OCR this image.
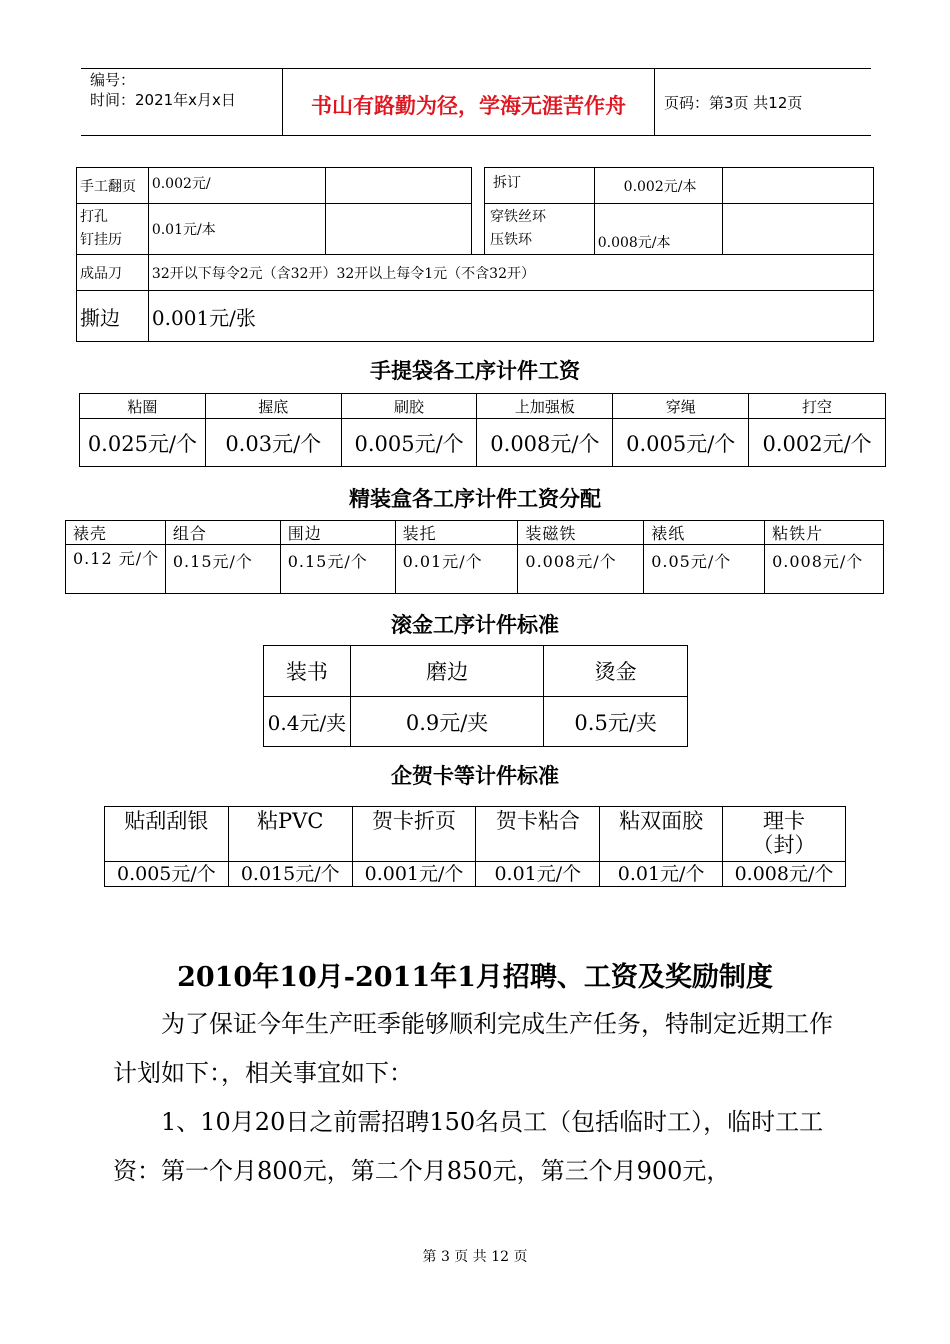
编号：
时间：2021年x月x日	书山有路勤为径，学海无涯苦作舟	页码：第3页 共12页
手工翻页	0.002元/	

打孔
钉挂历	0.01元/本	
拆订	0.002元/本	

穿铁丝环
压铁环	0.008元/本	
成品刀	32开以下每令2元（含32开）32开以上每令1元（不含32开）
撕边	0.001元/张
手提袋各工序计件工资
粘圈	握底	刷胶	上加强板	穿绳	打空
0.025元/个	0.03元/个	0.005元/个	0.008元/个	0.005元/个	0.002元/个
精装盒各工序计件工资分配
裱壳	组合	围边	装托	装磁铁	裱纸	粘铁片
0.12 元/个	0.15元/个	0.15元/个	0.01元/个	0.008元/个	0.05元/个	0.008元/个
滚金工序计件标准
装书	磨边	烫金
0.4元/夹	0.9元/夹	0.5元/夹
企贺卡等计件标准
贴刮刮银	粘PVC	贺卡折页	贺卡粘合	粘双面胶	理卡（封）
0.005元/个	0.015元/个	0.001元/个	0.01元/个	0.01元/个	0.008元/个
2010年10月-2011年1月招聘、工资及奖励制度
为了保证今年生产旺季能够顺利完成生产任务，特制定近期工作计划如下：，相关事宜如下：
1、10月20日之前需招聘150名员工（包括临时工），临时工工资：第一个月800元，第二个月850元，第三个月900元，
第 3 页 共 12 页
